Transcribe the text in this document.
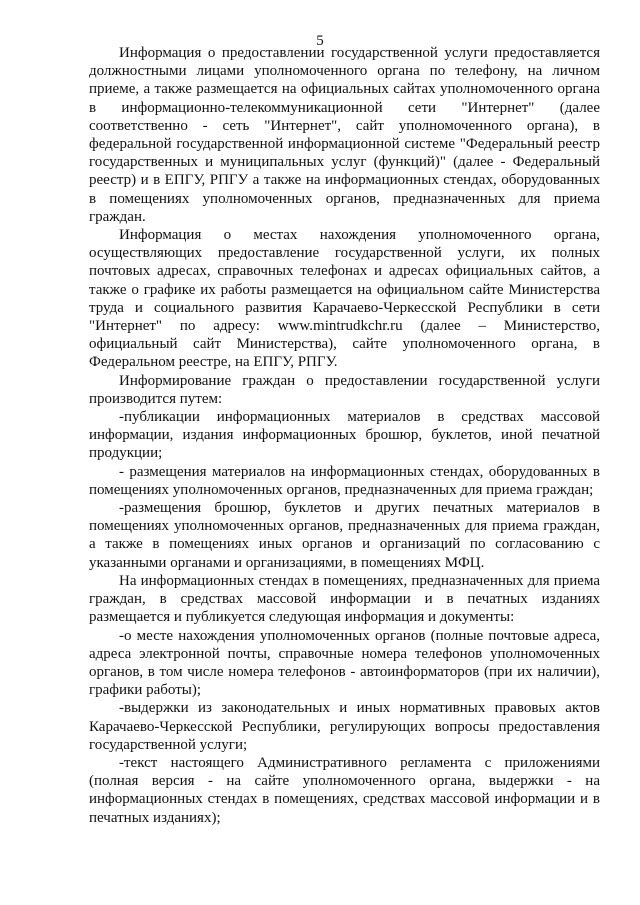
5

Информация о предоставлении государственной услуги предоставляется должностными лицами уполномоченного органа по телефону, на личном приеме, а также размещается на официальных сайтах уполномоченного органа в информационно-телекоммуникационной сети "Интернет" (далее соответственно - сеть "Интернет", сайт уполномоченного органа), в федеральной государственной информационной системе "Федеральный реестр государственных и муниципальных услуг (функций)" (далее - Федеральный реестр) и в ЕПГУ, РПГУ а также на информационных стендах, оборудованных в помещениях уполномоченных органов, предназначенных для приема граждан.

Информация о местах нахождения уполномоченного органа, осуществляющих предоставление государственной услуги, их полных почтовых адресах, справочных телефонах и адресах официальных сайтов, а также о графике их работы размещается на официальном сайте Министерства труда и социального развития Карачаево-Черкесской Республики в сети "Интернет" по адресу: www.mintrudkchr.ru (далее – Министерство, официальный сайт Министерства), сайте уполномоченного органа, в Федеральном реестре, на ЕПГУ, РПГУ.

Информирование граждан о предоставлении государственной услуги производится путем:

-публикации информационных материалов в средствах массовой информации, издания информационных брошюр, буклетов, иной печатной продукции;

- размещения материалов на информационных стендах, оборудованных в помещениях уполномоченных органов, предназначенных для приема граждан;

-размещения брошюр, буклетов и других печатных материалов в помещениях уполномоченных органов, предназначенных для приема граждан, а также в помещениях иных органов и организаций по согласованию с указанными органами и организациями, в помещениях МФЦ.

На информационных стендах в помещениях, предназначенных для приема граждан, в средствах массовой информации и в печатных изданиях размещается и публикуется следующая информация и документы:

-о месте нахождения уполномоченных органов (полные почтовые адреса, адреса электронной почты, справочные номера телефонов уполномоченных органов, в том числе номера телефонов - автоинформаторов (при их наличии), графики работы);

-выдержки из законодательных и иных нормативных правовых актов Карачаево-Черкесской Республики, регулирующих вопросы предоставления государственной услуги;

-текст настоящего Административного регламента с приложениями (полная версия - на сайте уполномоченного органа, выдержки - на информационных стендах в помещениях, средствах массовой информации и в печатных изданиях);
